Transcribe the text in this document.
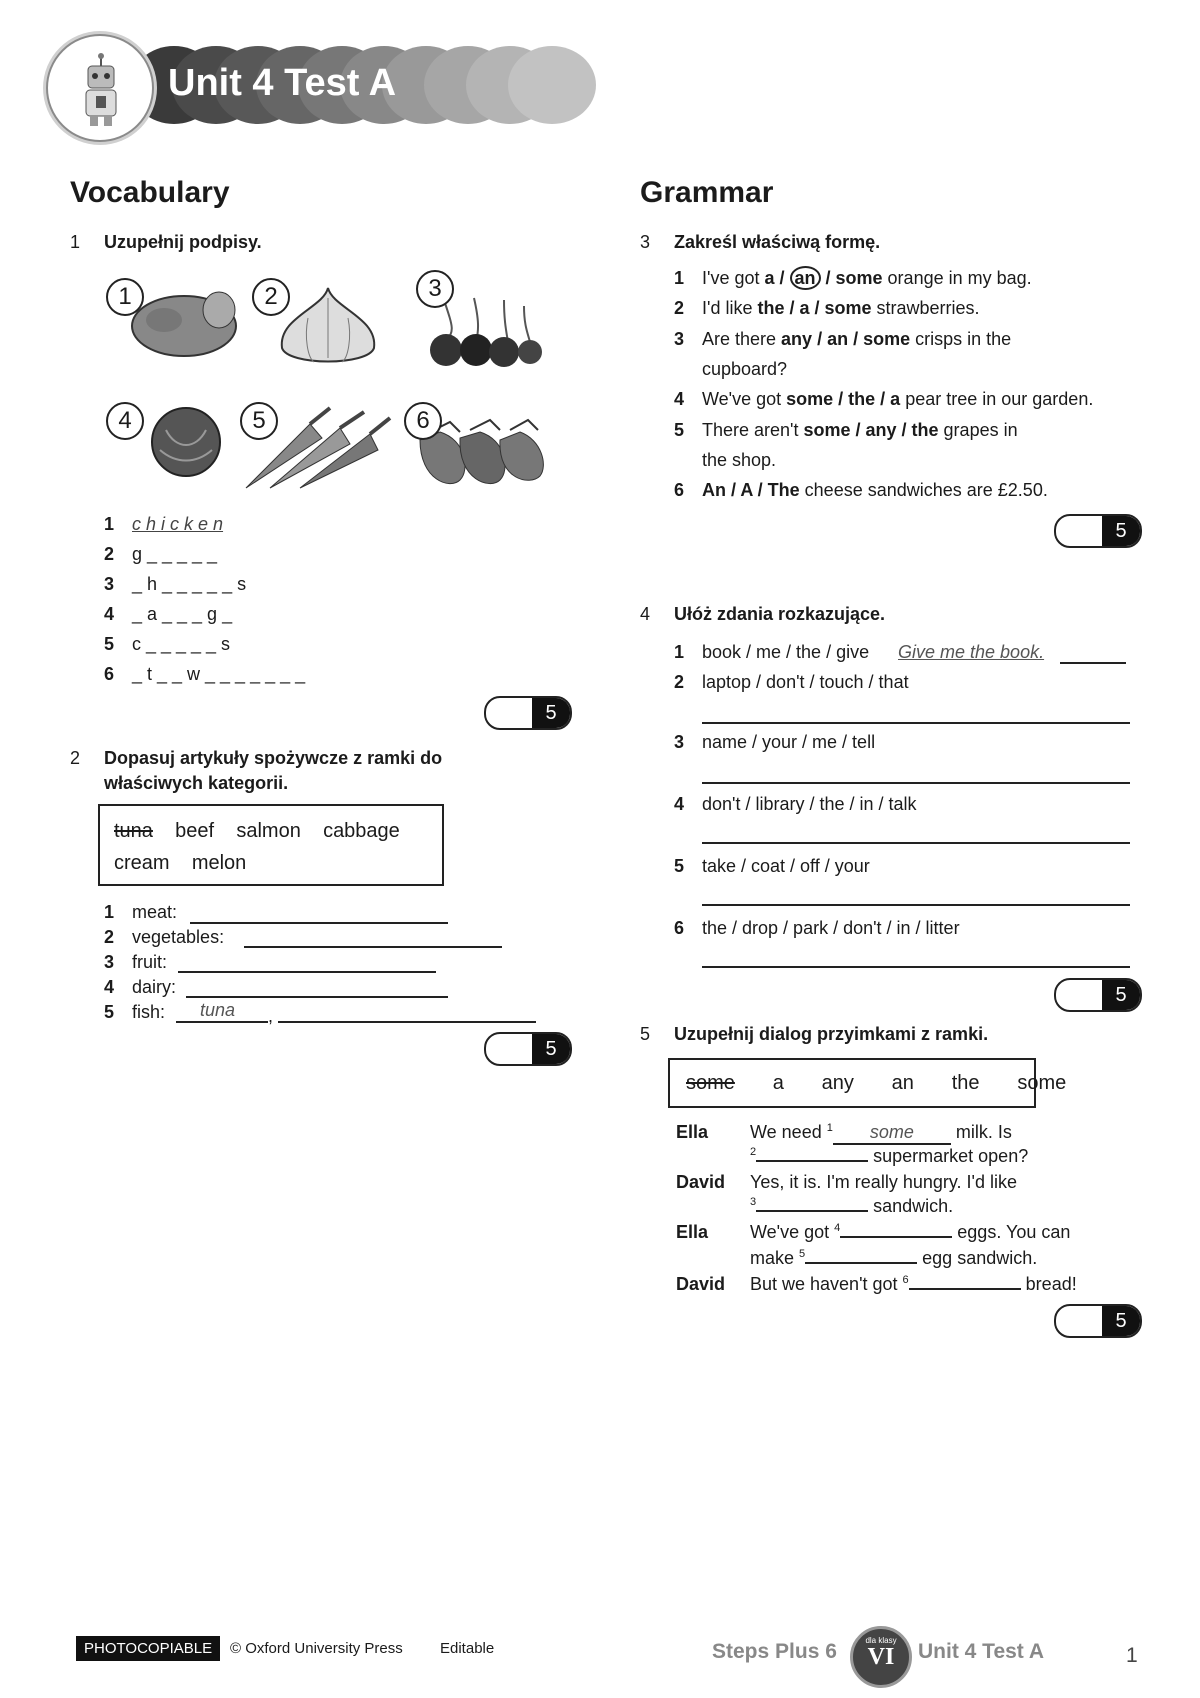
Unit 4 Test A
Vocabulary
1 Uzupełnij podpisy.
1	2	3
4	5	6
1 c h i c k e n
2 g _ _ _ _ _
3 _ h _ _ _ _ _ s
4 _ a _ _ _ g _
5 c _ _ _ _ _ s
6 _ t _ _ w _ _ _ _ _ _ _
5
2 Dopasuj artykuły spożywcze z ramki do
właściwych kategorii.
tuna beef salmon cabbage
cream melon
1 meat:
2 vegetables:
3 fruit:
4 dairy:
5 fish: tuna ,
5
Grammar
3 Zakreśl właściwą formę.
1 I've got a / an / some orange in my bag.
2 I'd like the / a / some strawberries.
3 Are there any / an / some crisps in the
cupboard?
4 We've got some / the / a pear tree in our garden.
5 There aren't some / any / the grapes in
the shop.
6 An / A / The cheese sandwiches are £2.50.
5
4 Ułóż zdania rozkazujące.
1 book / me / the / give Give me the book.
2 laptop / don't / touch / that
3 name / your / me / tell
4 don't / library / the / in / talk
5 take / coat / off / your
6 the / drop / park / don't / in / litter
5
5 Uzupełnij dialog przyimkami z ramki.
some a any an the some
Ella We need $^1$ some milk. Is
$^2$	supermarket open?
David Yes, it is. I'm really hungry. I'd like
$^3$	sandwich.
Ella We've got $^4$	eggs. You can
make $^5$	egg sandwich.
David But we haven't got $^6$	bread!
5
PHOTOCOPIABLE	© Oxford University Press Editable	Steps Plus 6	dla klasy
VI	Unit 4 Test A	1
